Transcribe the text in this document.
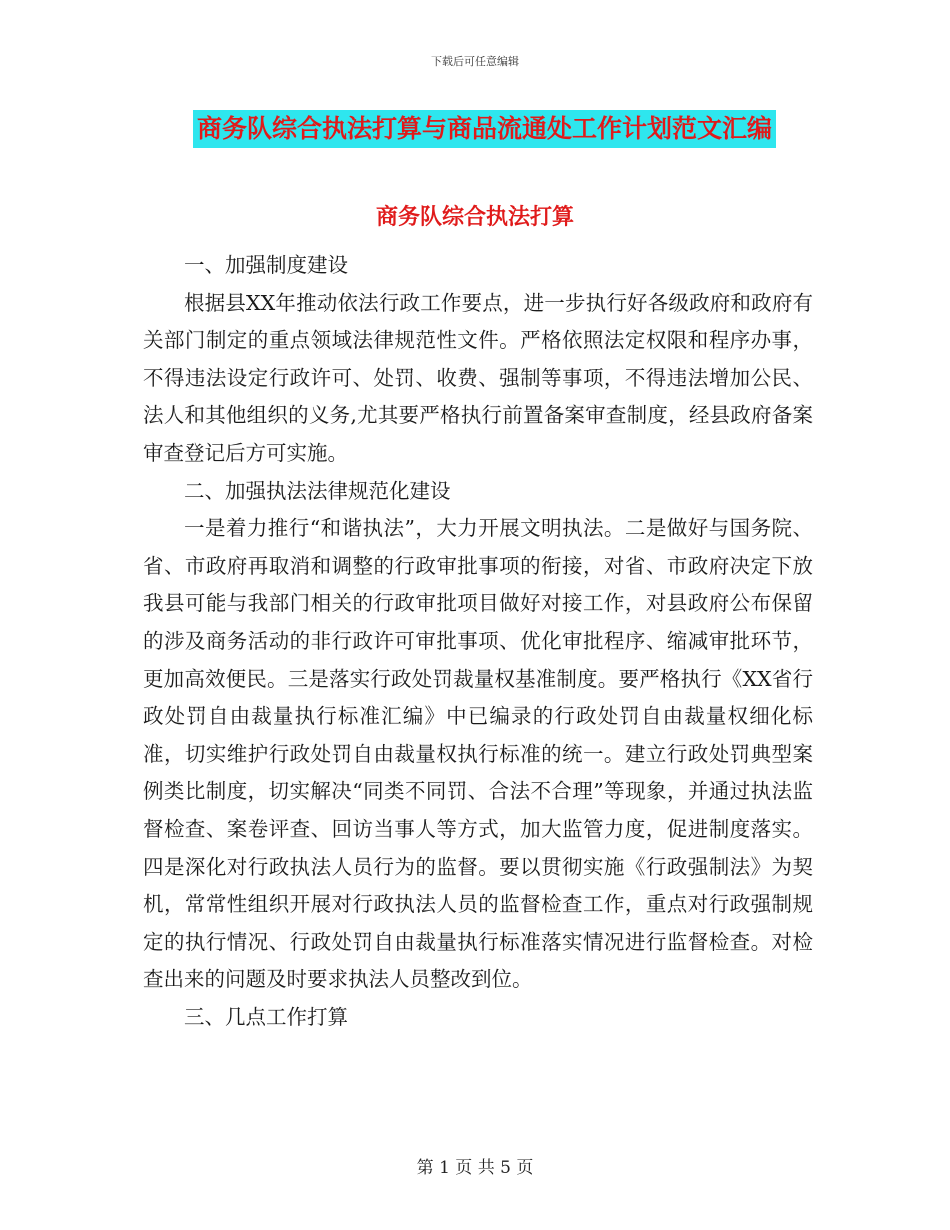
下载后可任意编辑
商务队综合执法打算与商品流通处工作计划范文汇编
商务队综合执法打算

一、加强制度建设

根据县XX年推动依法行政工作要点，进一步执行好各级政府和政府有关部门制定的重点领域法律规范性文件。严格依照法定权限和程序办事，不得违法设定行政许可、处罚、收费、强制等事项，不得违法增加公民、法人和其他组织的义务,尤其要严格执行前置备案审查制度，经县政府备案审查登记后方可实施。

二、加强执法法律规范化建设

一是着力推行“和谐执法”，大力开展文明执法。二是做好与国务院、省、市政府再取消和调整的行政审批事项的衔接，对省、市政府决定下放我县可能与我部门相关的行政审批项目做好对接工作，对县政府公布保留的涉及商务活动的非行政许可审批事项、优化审批程序、缩减审批环节，更加高效便民。三是落实行政处罚裁量权基准制度。要严格执行《XX省行政处罚自由裁量执行标准汇编》中已编录的行政处罚自由裁量权细化标准，切实维护行政处罚自由裁量权执行标准的统一。建立行政处罚典型案例类比制度，切实解决“同类不同罚、合法不合理”等现象，并通过执法监督检查、案卷评查、回访当事人等方式，加大监管力度，促进制度落实。四是深化对行政执法人员行为的监督。要以贯彻实施《行政强制法》为契机，常常性组织开展对行政执法人员的监督检查工作，重点对行政强制规定的执行情况、行政处罚自由裁量执行标准落实情况进行监督检查。对检查出来的问题及时要求执法人员整改到位。

三、几点工作打算

第 1 页 共 5 页
